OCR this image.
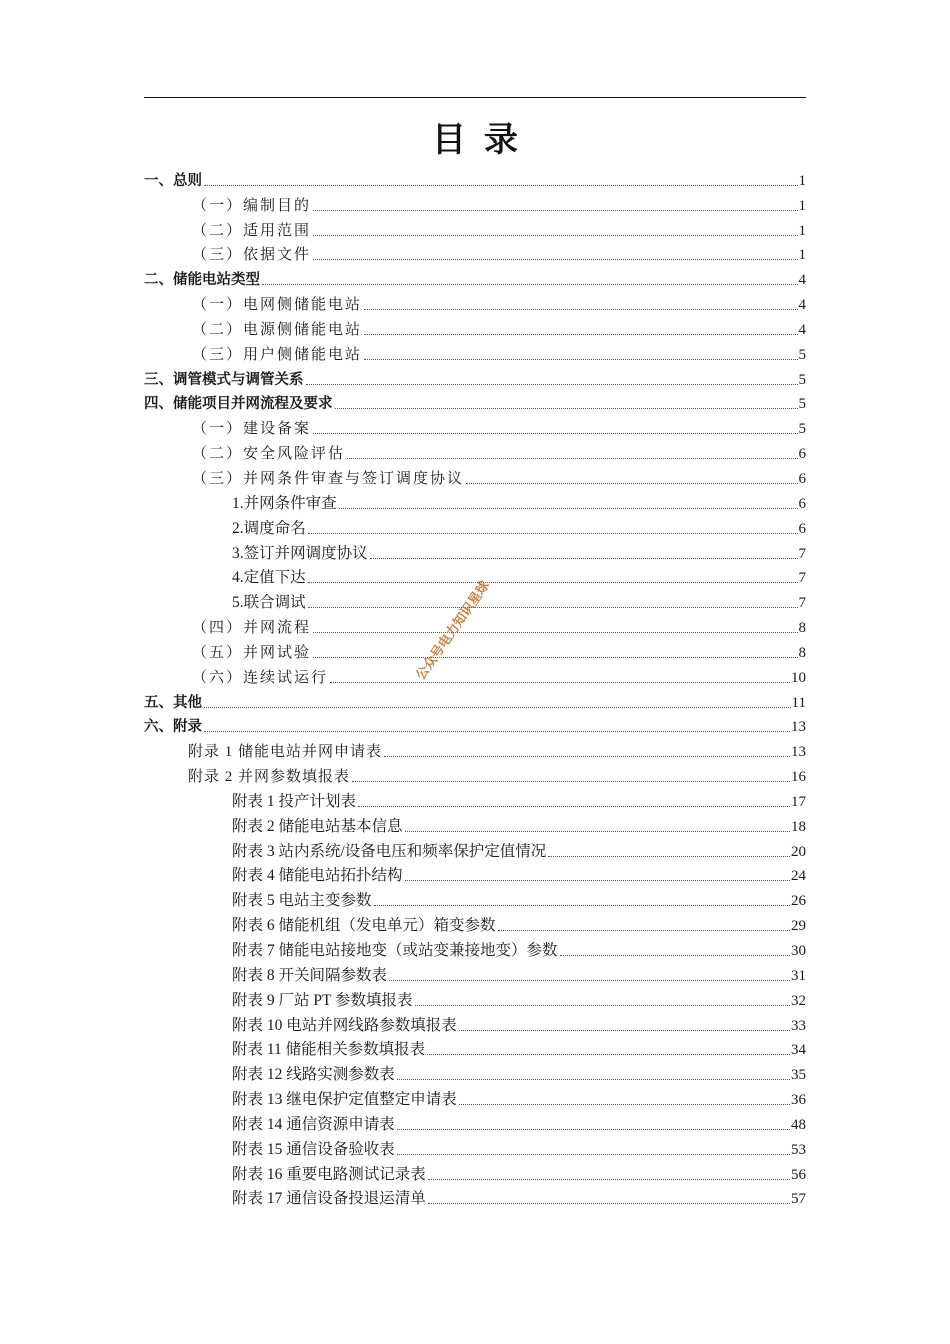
目录
一、总则	1
（一）编制目的	1
（二）适用范围	1
（三）依据文件	1
二、储能电站类型	4
（一）电网侧储能电站	4
（二）电源侧储能电站	4
（三）用户侧储能电站	5
三、调管模式与调管关系	5
四、储能项目并网流程及要求	5
（一）建设备案	5
（二）安全风险评估	6
（三）并网条件审查与签订调度协议	6
1.并网条件审查	6
2.调度命名	6
3.签订并网调度协议	7
4.定值下达	7
5.联合调试	7
（四）并网流程	8
（五）并网试验	8
（六）连续试运行	10
五、其他	11
六、附录	13
附录 1 储能电站并网申请表	13
附录 2 并网参数填报表	16
附表 1 投产计划表	17
附表 2 储能电站基本信息	18
附表 3 站内系统/设备电压和频率保护定值情况	20
附表 4 储能电站拓扑结构	24
附表 5 电站主变参数	26
附表 6 储能机组（发电单元）箱变参数	29
附表 7 储能电站接地变（或站变兼接地变）参数	30
附表 8 开关间隔参数表	31
附表 9 厂站 PT 参数填报表	32
附表 10 电站并网线路参数填报表	33
附表 11 储能相关参数填报表	34
附表 12 线路实测参数表	35
附表 13 继电保护定值整定申请表	36
附表 14 通信资源申请表	48
附表 15 通信设备验收表	53
附表 16 重要电路测试记录表	56
附表 17 通信设备投退运清单	57
公众号电力知识星球
